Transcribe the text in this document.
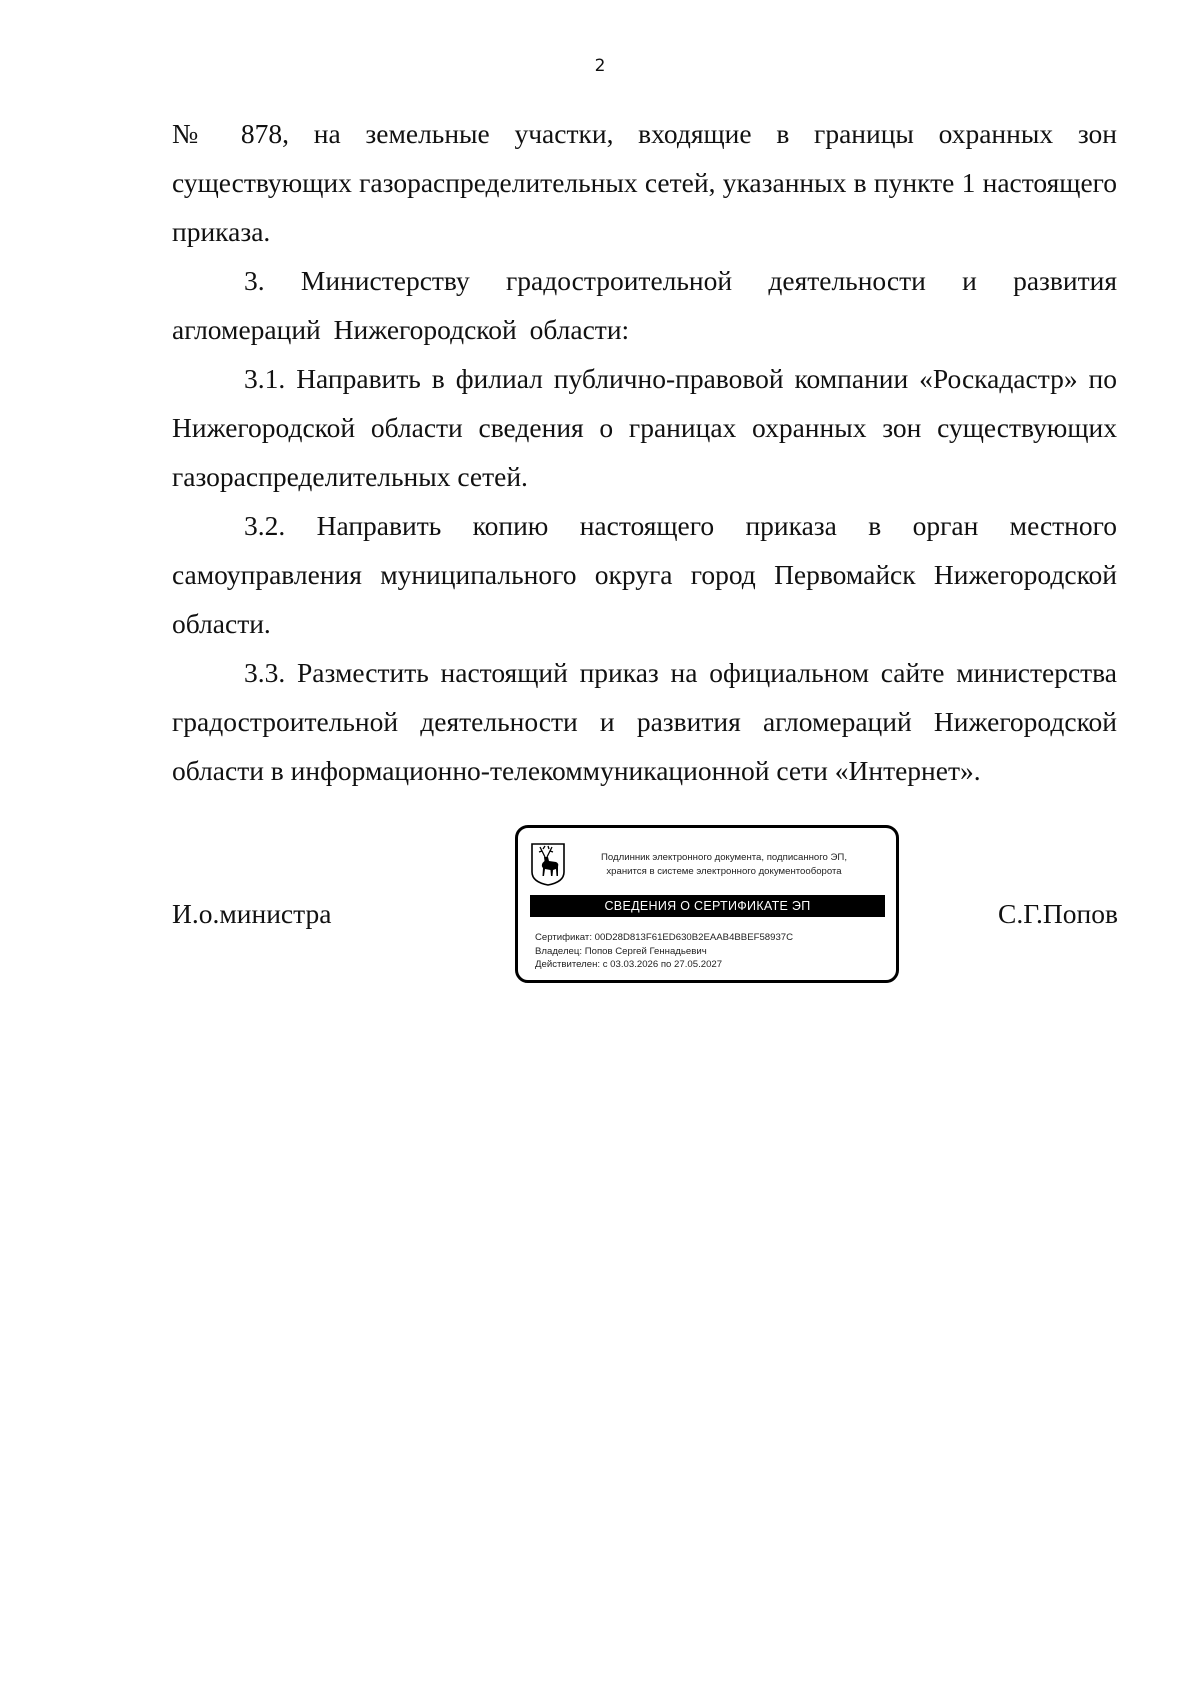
2

№ 878, на земельные участки, входящие в границы охранных зон существующих газораспределительных сетей, указанных в пункте 1 настоящего приказа.

3. Министерству градостроительной деятельности и развития агломераций Нижегородской области:

3.1. Направить в филиал публично-правовой компании «Роскадастр» по Нижегородской области сведения о границах охранных зон существующих газораспределительных сетей.

3.2. Направить копию настоящего приказа в орган местного самоуправления муниципального округа город Первомайск Нижегородской области.

3.3. Разместить настоящий приказ на официальном сайте министерства градостроительной деятельности и развития агломераций Нижегородской области в информационно-телекоммуникационной сети «Интернет».

И.о.министра	С.Г.Попов
Подлинник электронного документа, подписанного ЭП,
хранится в системе электронного документооборота
СВЕДЕНИЯ О СЕРТИФИКАТЕ ЭП
Сертификат: 00D28D813F61ED630B2EAAB4BBEF58937C
Владелец: Попов Сергей Геннадьевич
Действителен: с 03.03.2026 по 27.05.2027
